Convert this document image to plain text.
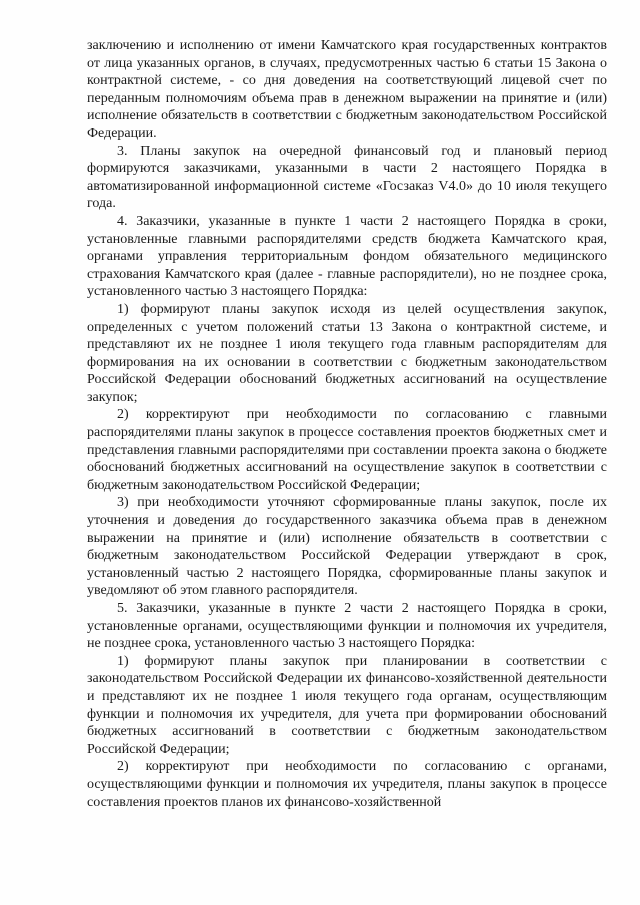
заключению и исполнению от имени Камчатского края государственных контрактов от лица указанных органов, в случаях, предусмотренных частью 6 статьи 15 Закона о контрактной системе, - со дня доведения на соответствующий лицевой счет по переданным полномочиям объема прав в денежном выражении на принятие и (или) исполнение обязательств в соответствии с бюджетным законодательством Российской Федерации.

3. Планы закупок на очередной финансовый год и плановый период формируются заказчиками, указанными в части 2 настоящего Порядка в автоматизированной информационной системе «Госзаказ V4.0» до 10 июля текущего года.

4. Заказчики, указанные в пункте 1 части 2 настоящего Порядка в сроки, установленные главными распорядителями средств бюджета Камчатского края, органами управления территориальным фондом обязательного медицинского страхования Камчатского края (далее - главные распорядители), но не позднее срока, установленного частью 3 настоящего Порядка:

1) формируют планы закупок исходя из целей осуществления закупок, определенных с учетом положений статьи 13 Закона о контрактной системе, и представляют их не позднее 1 июля текущего года главным распорядителям для формирования на их основании в соответствии с бюджетным законодательством Российской Федерации обоснований бюджетных ассигнований на осуществление закупок;

2) корректируют при необходимости по согласованию с главными распорядителями планы закупок в процессе составления проектов бюджетных смет и представления главными распорядителями при составлении проекта закона о бюджете обоснований бюджетных ассигнований на осуществление закупок в соответствии с бюджетным законодательством Российской Федерации;

3) при необходимости уточняют сформированные планы закупок, после их уточнения и доведения до государственного заказчика объема прав в денежном выражении на принятие и (или) исполнение обязательств в соответствии с бюджетным законодательством Российской Федерации утверждают в срок, установленный частью 2 настоящего Порядка, сформированные планы закупок и уведомляют об этом главного распорядителя.

5. Заказчики, указанные в пункте 2 части 2 настоящего Порядка в сроки, установленные органами, осуществляющими функции и полномочия их учредителя, не позднее срока, установленного частью 3 настоящего Порядка:

1) формируют планы закупок при планировании в соответствии с законодательством Российской Федерации их финансово-хозяйственной деятельности и представляют их не позднее 1 июля текущего года органам, осуществляющим функции и полномочия их учредителя, для учета при формировании обоснований бюджетных ассигнований в соответствии с бюджетным законодательством Российской Федерации;

2) корректируют при необходимости по согласованию с органами, осуществляющими функции и полномочия их учредителя, планы закупок в процессе составления проектов планов их финансово-хозяйственной
